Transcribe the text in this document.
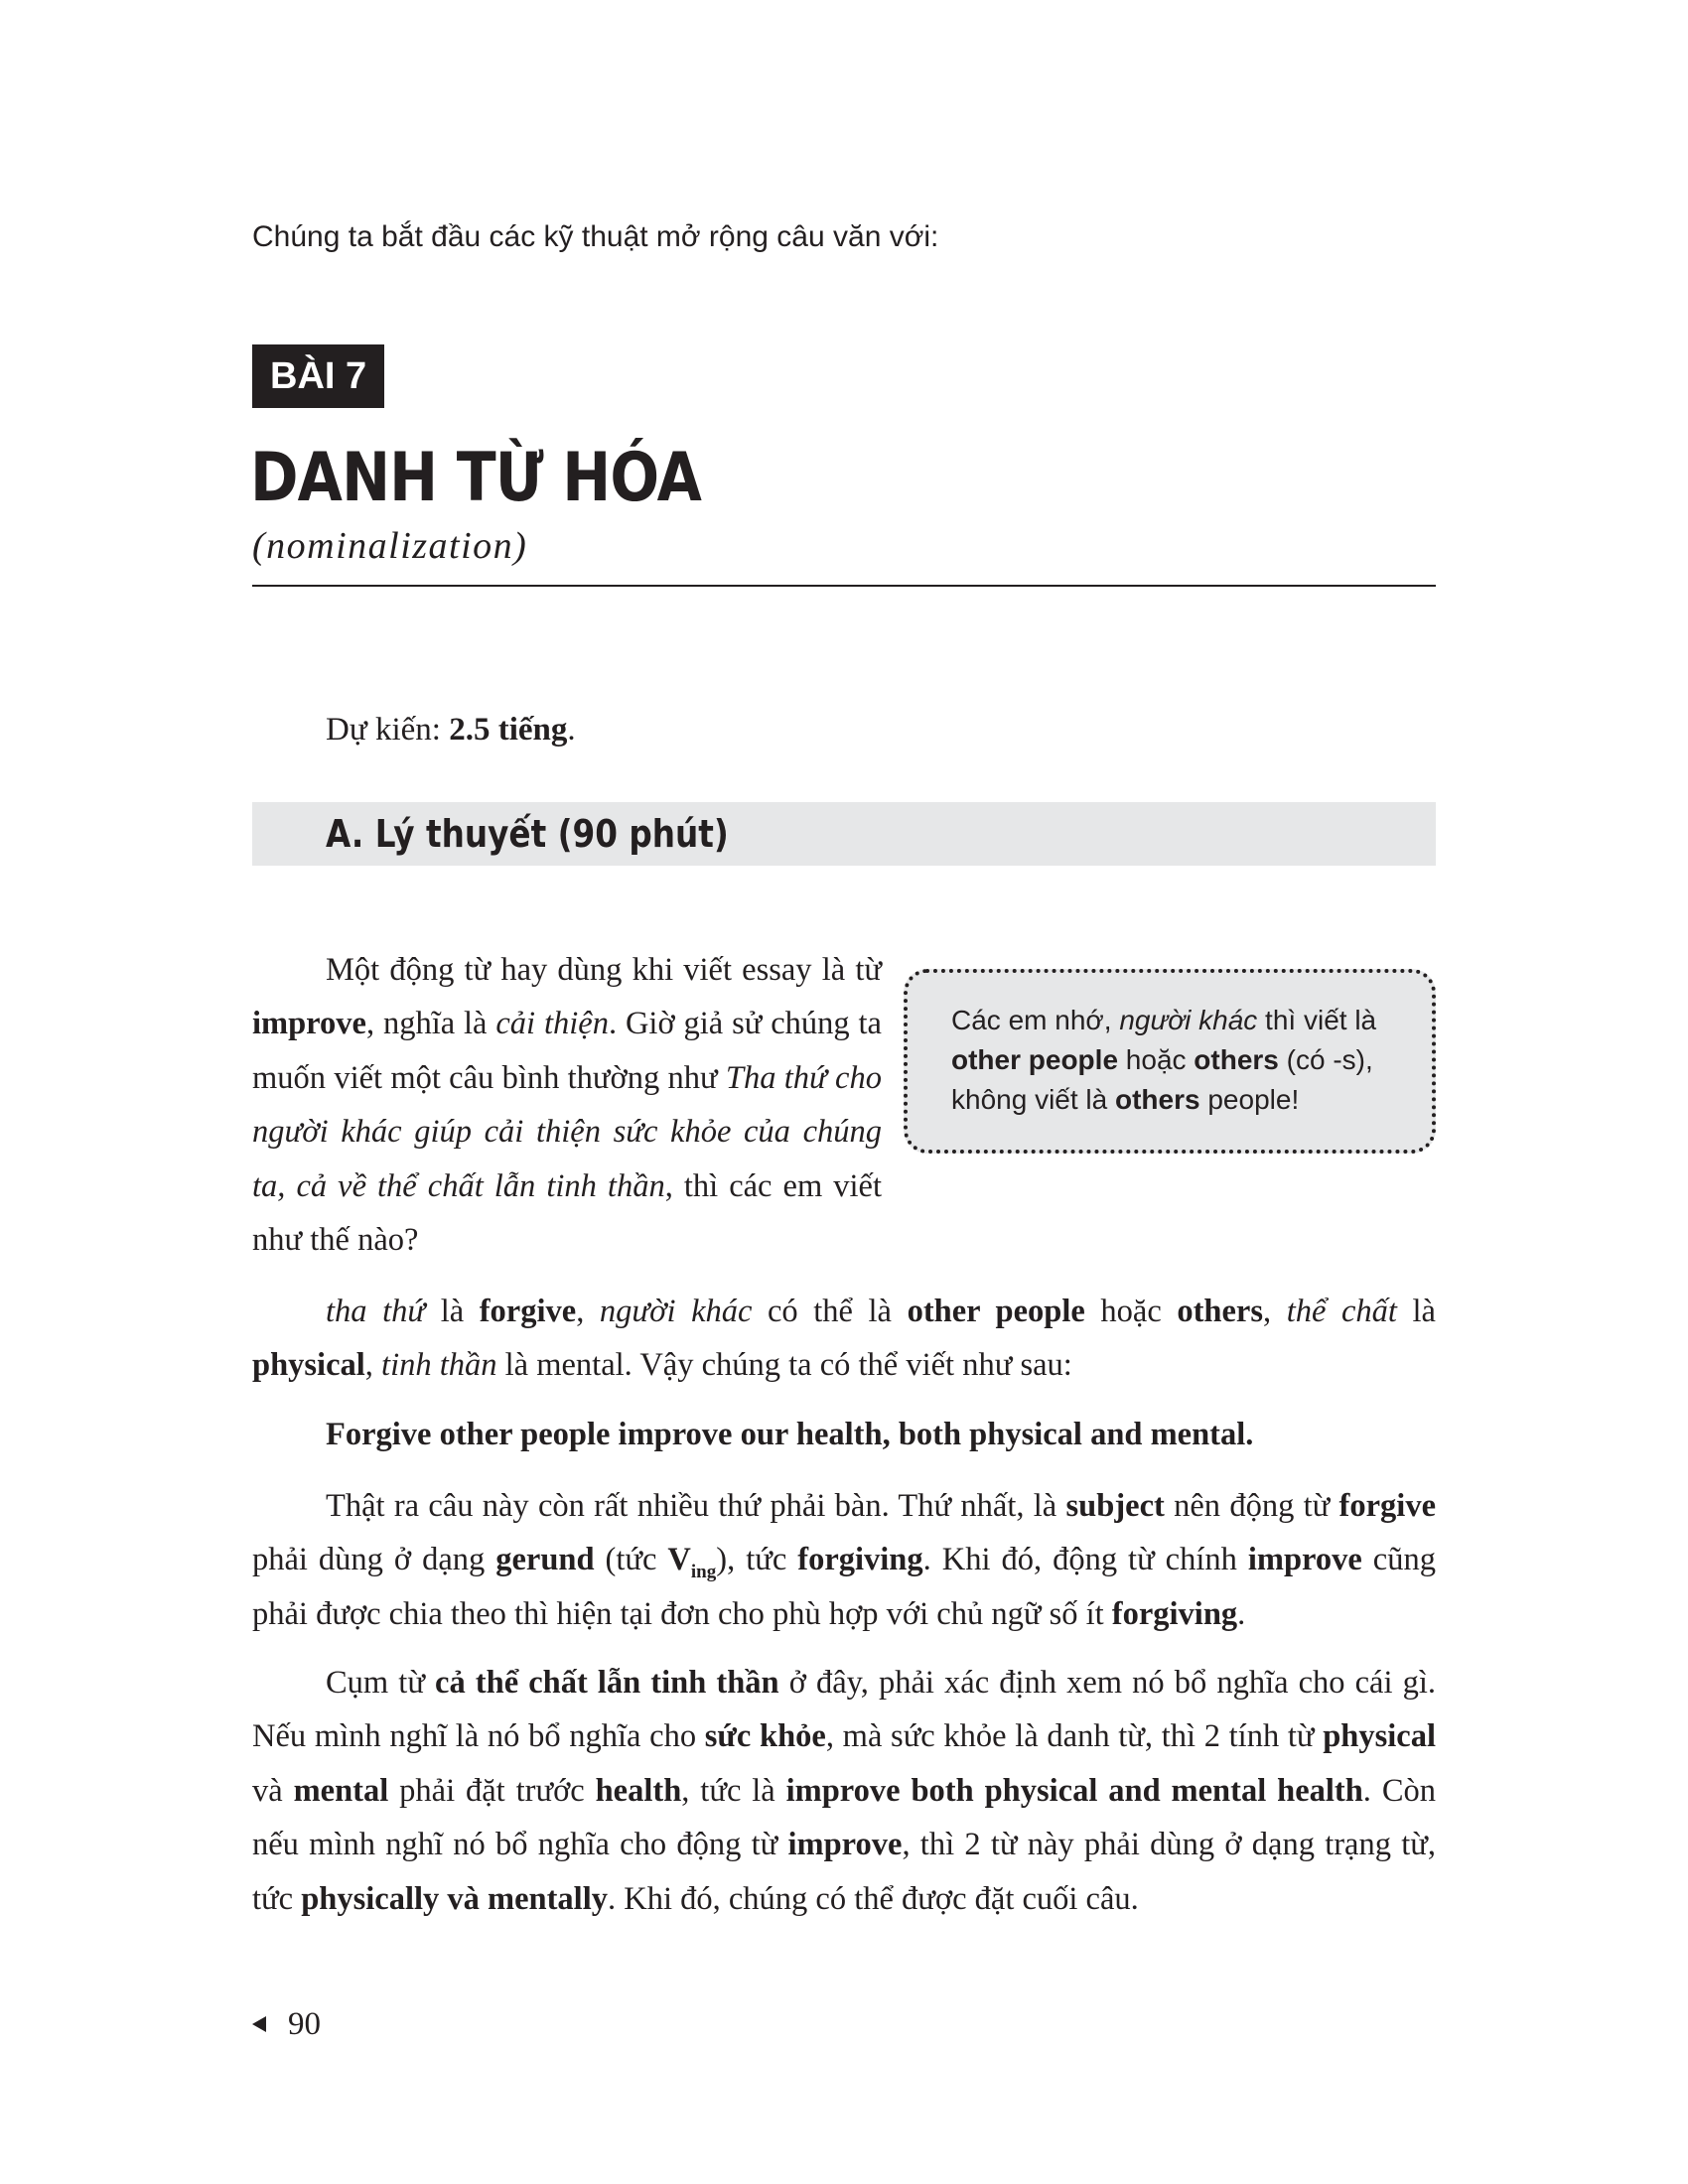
Chúng ta bắt đầu các kỹ thuật mở rộng câu văn với:

BÀI 7
DANH TỪ HÓA

(nominalization)

Dự kiến: 2.5 tiếng.

A. Lý thuyết (90 phút)

Một động từ hay dùng khi viết essay là từ improve, nghĩa là cải thiện. Giờ giả sử chúng ta muốn viết một câu bình thường như Tha thứ cho người khác giúp cải thiện sức khỏe của chúng ta, cả về thể chất lẫn tinh thần, thì các em viết như thế nào?

Các em nhớ, người khác thì viết là other people hoặc others (có -s), không viết là others people!

tha thứ là forgive, người khác có thể là other people hoặc others, thể chất là physical, tinh thần là mental. Vậy chúng ta có thể viết như sau:

Forgive other people improve our health, both physical and mental.

Thật ra câu này còn rất nhiều thứ phải bàn. Thứ nhất, là subject nên động từ forgive phải dùng ở dạng gerund (tức $V_{ing}$), tức forgiving. Khi đó, động từ chính improve cũng phải được chia theo thì hiện tại đơn cho phù hợp với chủ ngữ số ít forgiving.

Cụm từ cả thể chất lẫn tinh thần ở đây, phải xác định xem nó bổ nghĩa cho cái gì. Nếu mình nghĩ là nó bổ nghĩa cho sức khỏe, mà sức khỏe là danh từ, thì 2 tính từ physical và mental phải đặt trước health, tức là improve both physical and mental health. Còn nếu mình nghĩ nó bổ nghĩa cho động từ improve, thì 2 từ này phải dùng ở dạng trạng từ, tức physically và mentally. Khi đó, chúng có thể được đặt cuối câu.

90
